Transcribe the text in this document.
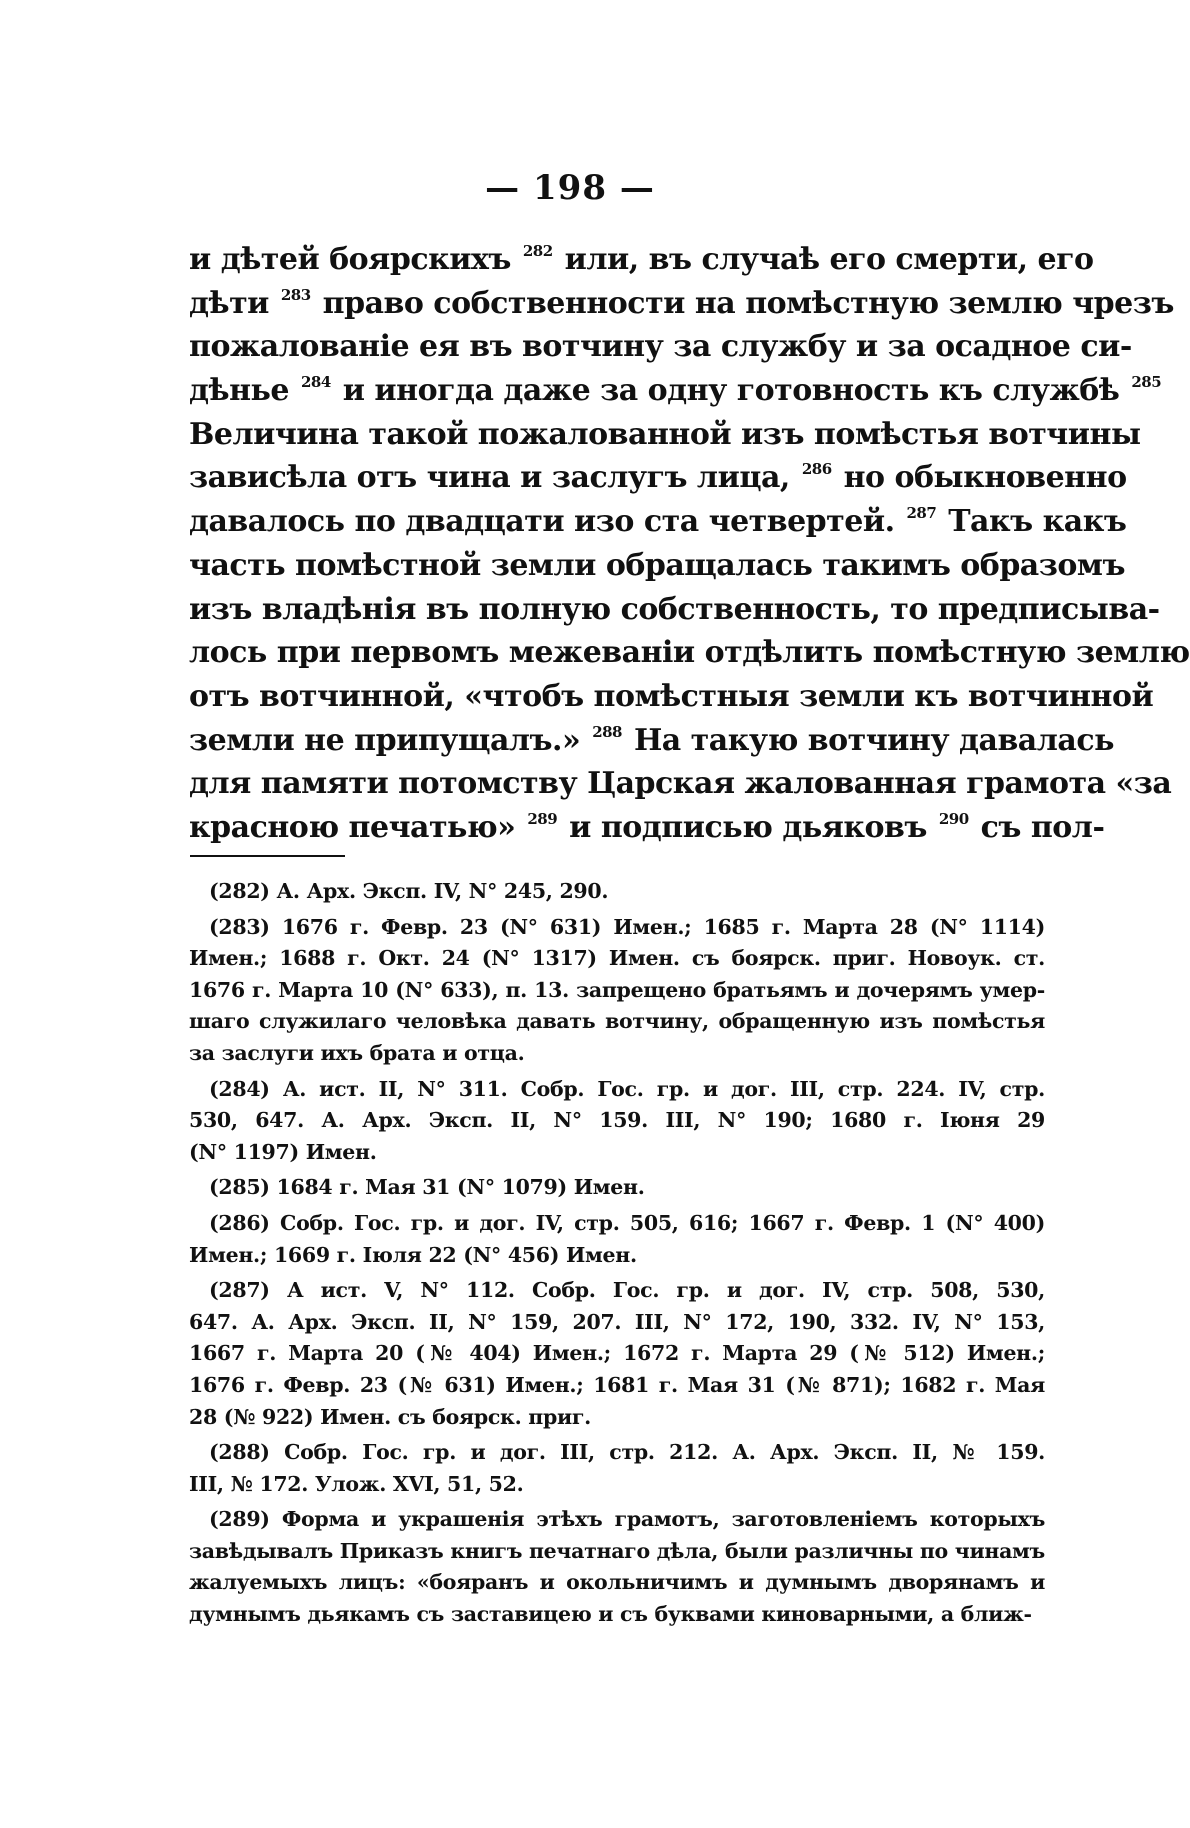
— 198 —
и дѣтей боярскихъ $^{282}$ или, въ случаѣ его смерти, его
дѣти $^{283}$ право собственности на помѣстную землю чрезъ
пожалованіе ея въ вотчину за службу и за осадное си-
дѣнье $^{284}$ и иногда даже за одну готовность къ службѣ $^{285}$
Величина такой пожалованной изъ помѣстья вотчины
зависѣла отъ чина и заслугъ лица, $^{286}$ но обыкновенно
давалось по двадцати изо ста четвертей. $^{287}$ Такъ какъ
часть помѣстной земли обращалась такимъ образомъ
изъ владѣнія въ полную собственность, то предписыва-
лось при первомъ межеваніи отдѣлить помѣстную землю
отъ вотчинной, «чтобъ помѣстныя земли къ вотчинной
земли не припущалъ.» $^{288}$ На такую вотчину давалась
для памяти потомству Царская жалованная грамота «за
красною печатью» $^{289}$ и подписью дьяковъ $^{290}$ съ пол-
(282) А. Арх. Эксп. IV, N° 245, 290.
(283) 1676 г. Февр. 23 (N° 631) Имен.; 1685 г. Марта 28 (N° 1114)
Имен.; 1688 г. Окт. 24 (N° 1317) Имен. съ боярск. приг. Новоук. ст.
1676 г. Марта 10 (N° 633), п. 13. запрещено братьямъ и дочерямъ умер-
шаго служилаго человѣка давать вотчину, обращенную изъ помѣстья
за заслуги ихъ брата и отца.
(284) А. ист. II, N° 311. Собр. Гос. гр. и дог. III, стр. 224. IV, стр.
530, 647. А. Арх. Эксп. II, N° 159. III, N° 190; 1680 г. Іюня 29
(N° 1197) Имен.
(285) 1684 г. Мая 31 (N° 1079) Имен.
(286) Собр. Гос. гр. и дог. IV, стр. 505, 616; 1667 г. Февр. 1 (N° 400)
Имен.; 1669 г. Іюля 22 (N° 456) Имен.
(287) А ист. V, N° 112. Собр. Гос. гр. и дог. IV, стр. 508, 530,
647. А. Арх. Эксп. II, N° 159, 207. III, N° 172, 190, 332. IV, N° 153,
1667 г. Марта 20 (№ 404) Имен.; 1672 г. Марта 29 (№ 512) Имен.;
1676 г. Февр. 23 (№ 631) Имен.; 1681 г. Мая 31 (№ 871); 1682 г. Мая
28 (№ 922) Имен. съ боярск. приг.
(288) Собр. Гос. гр. и дог. III, стр. 212. А. Арх. Эксп. II, № 159.
III, № 172. Улож. XVI, 51, 52.
(289) Форма и украшенія этѣхъ грамотъ, заготовленіемъ которыхъ
завѣдывалъ Приказъ книгъ печатнаго дѣла, были различны по чинамъ
жалуемыхъ лицъ: «бояранъ и окольничимъ и думнымъ дворянамъ и
думнымъ дьякамъ съ заставицею и съ буквами киноварными, а ближ-
